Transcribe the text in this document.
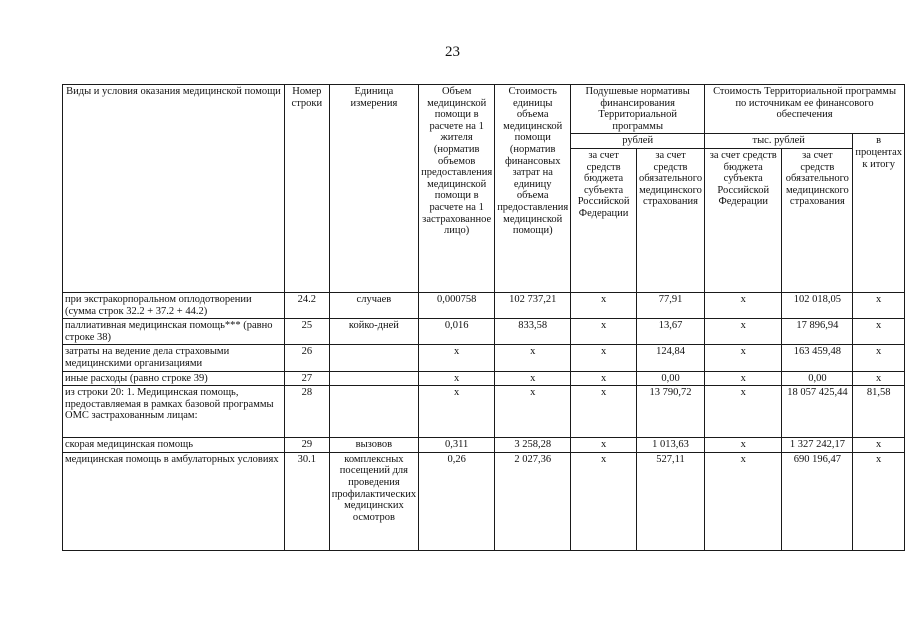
23
Виды и условия оказания медицинской помощи	Номер строки	Единица измерения	Объем медицинской помощи в расчете на 1 жителя (норматив объемов предоставления медицинской помощи в расчете на 1 застрахованное лицо)	Стоимость единицы объема медицинской помощи (норматив финансовых затрат на единицу объема предоставления медицинской помощи)	Подушевые нормативы финансирования Территориальной программы		Стоимость Территориальной программы по источникам ее финансового обеспечения		
					рублей		тыс. рублей		в процентах к итогу
					за счет средств бюджета субъекта Российской Федерации	за счет средств обязательного медицинского страхования	за счет средств бюджета субъекта Российской Федерации	за счет средств обязательного медицинского страхования	
при экстракорпоральном оплодотворении (сумма строк 32.2 + 37.2 + 44.2)	24.2	случаев	0,000758	102 737,21	х	77,91	х	102 018,05	х
паллиативная медицинская помощь*** (равно строке 38)	25	койко-дней	0,016	833,58	х	13,67	х	17 896,94	х
затраты на ведение дела страховыми медицинскими организациями	26		х	х	х	124,84	х	163 459,48	х
иные расходы (равно строке 39)	27		х	х	х	0,00	х	0,00	х
из строки 20: 1. Медицинская помощь, предоставляемая в рамках базовой программы ОМС застрахованным лицам:	28		х	х	х	13 790,72	х	18 057 425,44	81,58
скорая медицинская помощь	29	вызовов	0,311	3 258,28	х	1 013,63	х	1 327 242,17	х
медицинская помощь в амбулаторных условиях	30.1	комплексных посещений для проведения профилактических медицинских осмотров	0,26	2 027,36	х	527,11	х	690 196,47	х
